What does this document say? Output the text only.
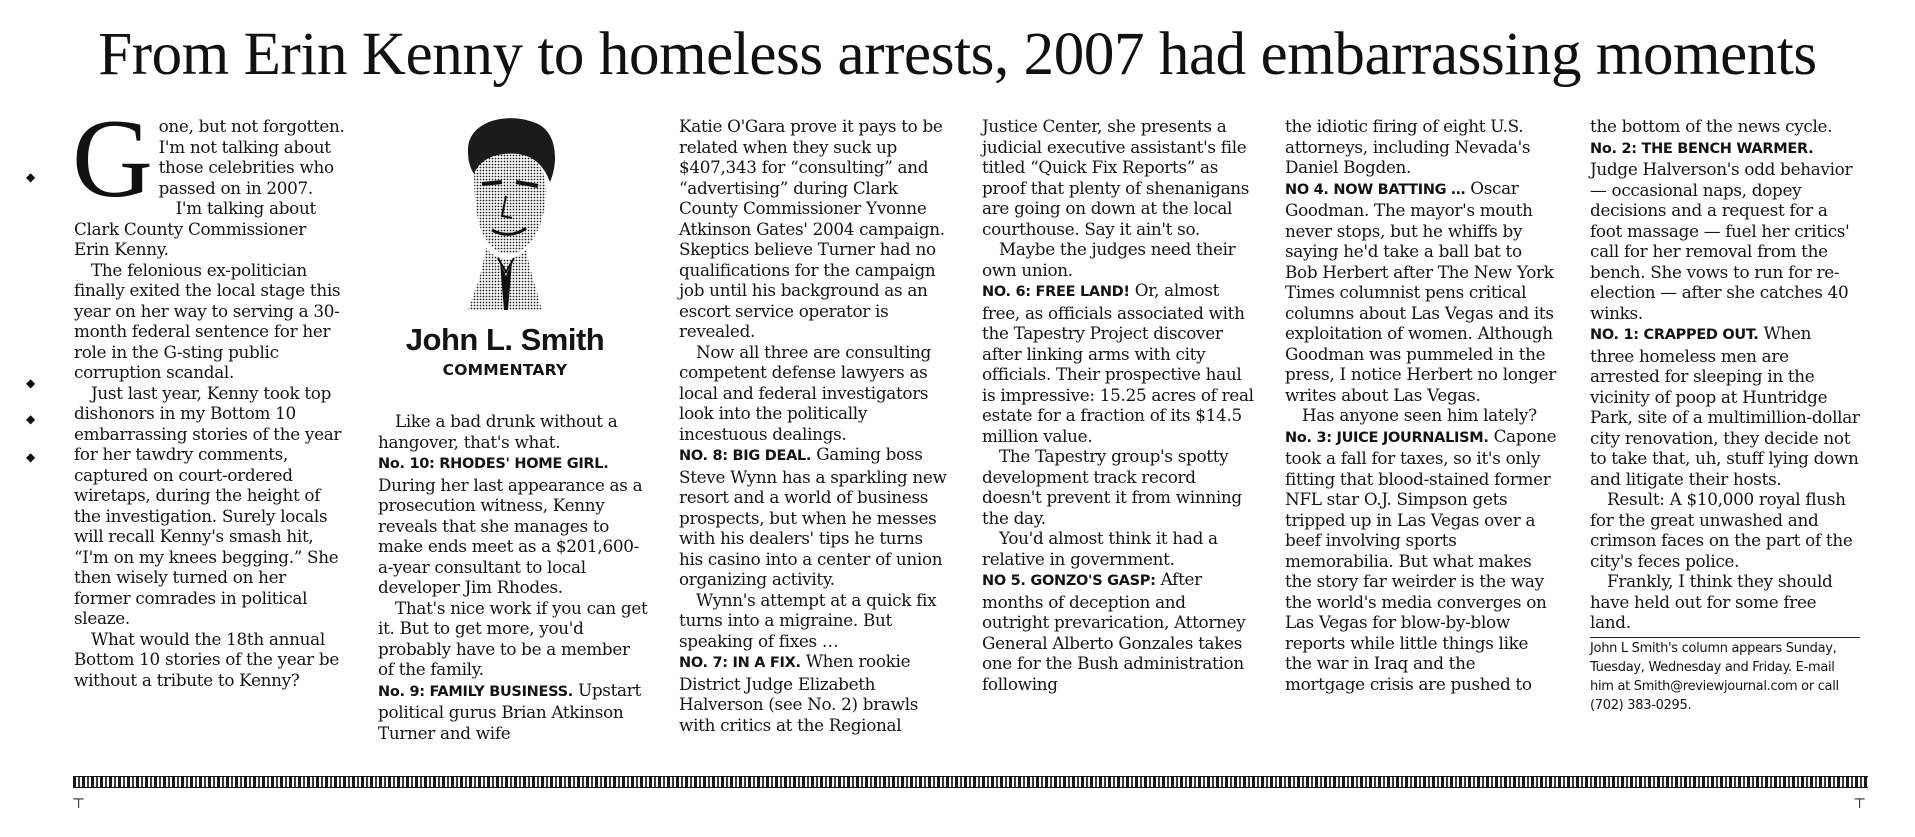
From Erin Kenny to homeless arrests, 2007 had embarrassing moments

Gone, but not forgotten. I'm not talking about those celebrities who passed on in 2007.

I'm talking about Clark County Commissioner Erin Kenny.

The felonious ex-politician finally exited the local stage this year on her way to serving a 30-month federal sentence for her role in the G-sting public corruption scandal.

Just last year, Kenny took top dishonors in my Bottom 10 embarrassing stories of the year for her tawdry comments, captured on court-ordered wiretaps, during the height of the investigation. Surely locals will recall Kenny's smash hit, “I'm on my knees begging.” She then wisely turned on her former comrades in political sleaze.

What would the 18th annual Bottom 10 stories of the year be without a tribute to Kenny?

◆
◆
◆
◆
John L. Smith
COMMENTARY

Like a bad drunk without a hangover, that's what.

No. 10: RHODES' HOME GIRL. During her last appearance as a prosecution witness, Kenny reveals that she manages to make ends meet as a $201,600-a-year consultant to local developer Jim Rhodes.

That's nice work if you can get it. But to get more, you'd probably have to be a member of the family.

No. 9: FAMILY BUSINESS. Upstart political gurus Brian Atkinson Turner and wife

Katie O'Gara prove it pays to be related when they suck up $407,343 for “consulting” and “advertising” during Clark County Commissioner Yvonne Atkinson Gates' 2004 campaign. Skeptics believe Turner had no qualifications for the campaign job until his background as an escort service operator is revealed.

Now all three are consulting competent defense lawyers as local and federal investigators look into the politically incestuous dealings.

NO. 8: BIG DEAL. Gaming boss Steve Wynn has a sparkling new resort and a world of business prospects, but when he messes with his dealers' tips he turns his casino into a center of union organizing activity.

Wynn's attempt at a quick fix turns into a migraine. But speaking of fixes …

NO. 7: IN A FIX. When rookie District Judge Elizabeth Halverson (see No. 2) brawls with critics at the Regional

Justice Center, she presents a judicial executive assistant's file titled “Quick Fix Reports” as proof that plenty of shenanigans are going on down at the local courthouse. Say it ain't so.

Maybe the judges need their own union.

NO. 6: FREE LAND! Or, almost free, as officials associated with the Tapestry Project discover after linking arms with city officials. Their prospective haul is impressive: 15.25 acres of real estate for a fraction of its $14.5 million value.

The Tapestry group's spotty development track record doesn't prevent it from winning the day.

You'd almost think it had a relative in government.

NO 5. GONZO'S GASP: After months of deception and outright prevarication, Attorney General Alberto Gonzales takes one for the Bush administration following

the idiotic firing of eight U.S. attorneys, including Nevada's Daniel Bogden.

NO 4. NOW BATTING … Oscar Goodman. The mayor's mouth never stops, but he whiffs by saying he'd take a ball bat to Bob Herbert after The New York Times columnist pens critical columns about Las Vegas and its exploitation of women. Although Goodman was pummeled in the press, I notice Herbert no longer writes about Las Vegas.

Has anyone seen him lately?

No. 3: JUICE JOURNALISM. Capone took a fall for taxes, so it's only fitting that blood-stained former NFL star O.J. Simpson gets tripped up in Las Vegas over a beef involving sports memorabilia. But what makes the story far weirder is the way the world's media converges on Las Vegas for blow-by-blow reports while little things like the war in Iraq and the mortgage crisis are pushed to

the bottom of the news cycle.

No. 2: THE BENCH WARMER. Judge Halverson's odd behavior — occasional naps, dopey decisions and a request for a foot massage — fuel her critics' call for her removal from the bench. She vows to run for re-election — after she catches 40 winks.

NO. 1: CRAPPED OUT. When three homeless men are arrested for sleeping in the vicinity of poop at Huntridge Park, site of a multimillion-dollar city renovation, they decide not to take that, uh, stuff lying down and litigate their hosts.

Result: A $10,000 royal flush for the great unwashed and crimson faces on the part of the city's feces police.

Frankly, I think they should have held out for some free land.

John L Smith's column appears Sunday, Tuesday, Wednesday and Friday. E-mail him at Smith@reviewjournal.com or call (702) 383-0295.
⊤	⊤
